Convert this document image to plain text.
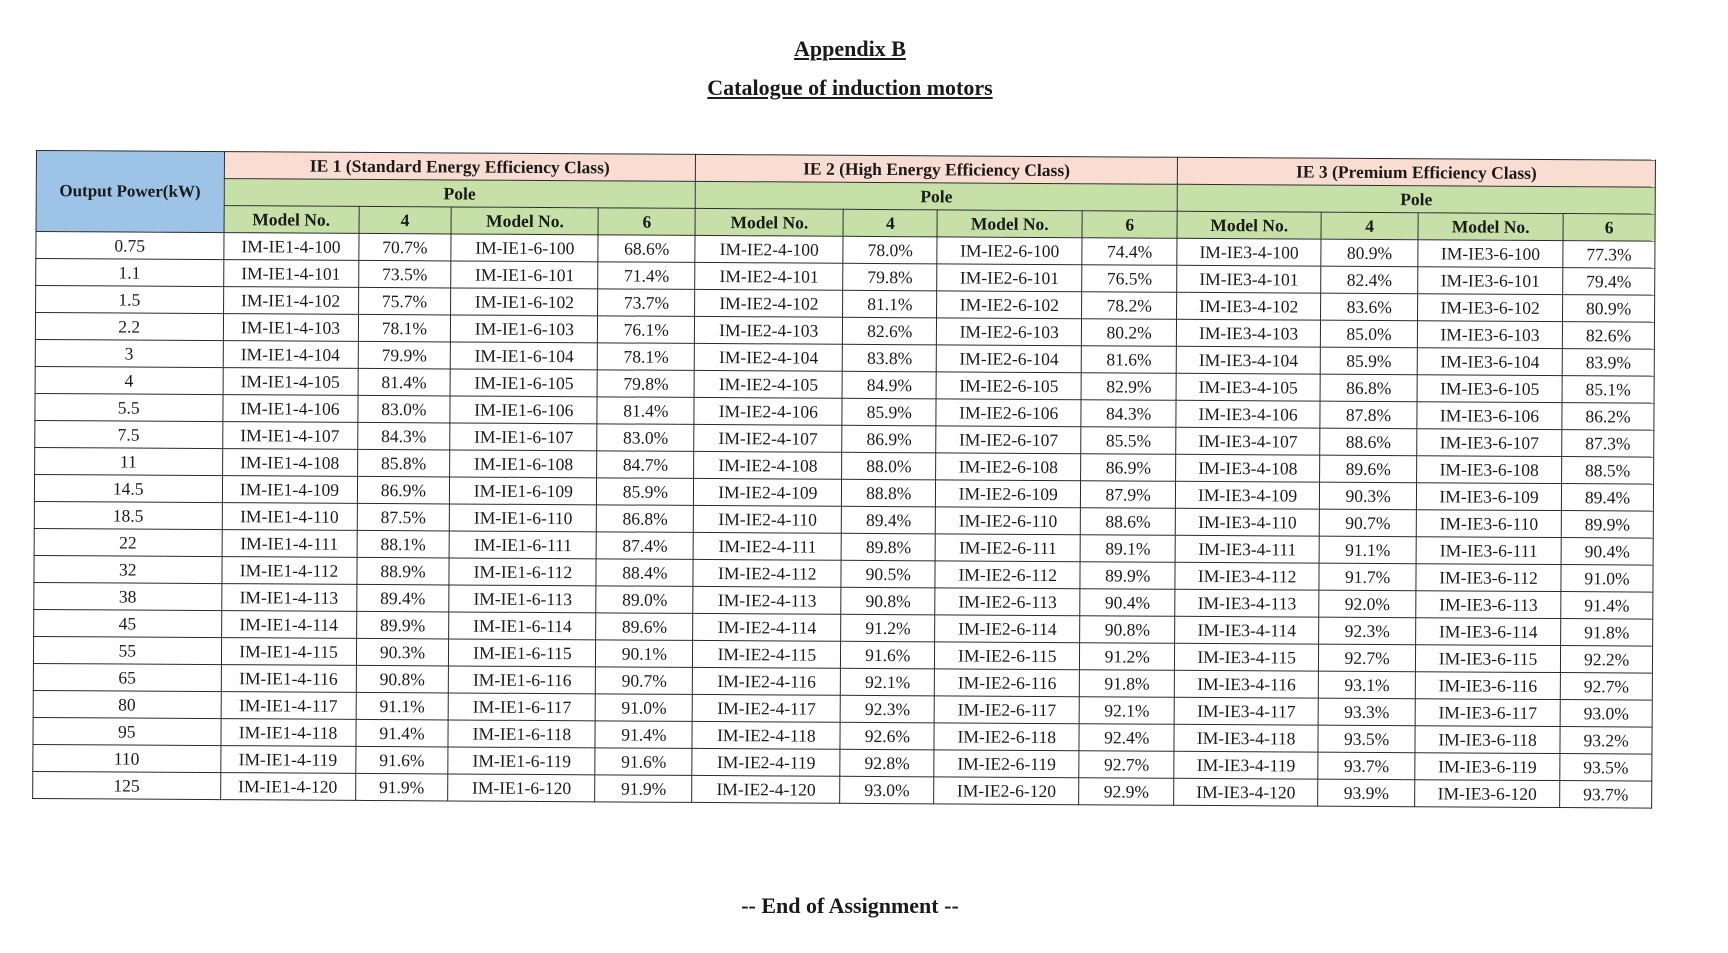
Appendix B
Catalogue of induction motors
Output Power(kW)	IE 1 (Standard Energy Efficiency Class)				IE 2 (High Energy Efficiency Class)				IE 3 (Premium Efficiency Class)			
	Pole				Pole				Pole			
	Model No.	4	Model No.	6	Model No.	4	Model No.	6	Model No.	4	Model No.	6
0.75	IM-IE1-4-100	70.7%	IM-IE1-6-100	68.6%	IM-IE2-4-100	78.0%	IM-IE2-6-100	74.4%	IM-IE3-4-100	80.9%	IM-IE3-6-100	77.3%
1.1	IM-IE1-4-101	73.5%	IM-IE1-6-101	71.4%	IM-IE2-4-101	79.8%	IM-IE2-6-101	76.5%	IM-IE3-4-101	82.4%	IM-IE3-6-101	79.4%
1.5	IM-IE1-4-102	75.7%	IM-IE1-6-102	73.7%	IM-IE2-4-102	81.1%	IM-IE2-6-102	78.2%	IM-IE3-4-102	83.6%	IM-IE3-6-102	80.9%
2.2	IM-IE1-4-103	78.1%	IM-IE1-6-103	76.1%	IM-IE2-4-103	82.6%	IM-IE2-6-103	80.2%	IM-IE3-4-103	85.0%	IM-IE3-6-103	82.6%
3	IM-IE1-4-104	79.9%	IM-IE1-6-104	78.1%	IM-IE2-4-104	83.8%	IM-IE2-6-104	81.6%	IM-IE3-4-104	85.9%	IM-IE3-6-104	83.9%
4	IM-IE1-4-105	81.4%	IM-IE1-6-105	79.8%	IM-IE2-4-105	84.9%	IM-IE2-6-105	82.9%	IM-IE3-4-105	86.8%	IM-IE3-6-105	85.1%
5.5	IM-IE1-4-106	83.0%	IM-IE1-6-106	81.4%	IM-IE2-4-106	85.9%	IM-IE2-6-106	84.3%	IM-IE3-4-106	87.8%	IM-IE3-6-106	86.2%
7.5	IM-IE1-4-107	84.3%	IM-IE1-6-107	83.0%	IM-IE2-4-107	86.9%	IM-IE2-6-107	85.5%	IM-IE3-4-107	88.6%	IM-IE3-6-107	87.3%
11	IM-IE1-4-108	85.8%	IM-IE1-6-108	84.7%	IM-IE2-4-108	88.0%	IM-IE2-6-108	86.9%	IM-IE3-4-108	89.6%	IM-IE3-6-108	88.5%
14.5	IM-IE1-4-109	86.9%	IM-IE1-6-109	85.9%	IM-IE2-4-109	88.8%	IM-IE2-6-109	87.9%	IM-IE3-4-109	90.3%	IM-IE3-6-109	89.4%
18.5	IM-IE1-4-110	87.5%	IM-IE1-6-110	86.8%	IM-IE2-4-110	89.4%	IM-IE2-6-110	88.6%	IM-IE3-4-110	90.7%	IM-IE3-6-110	89.9%
22	IM-IE1-4-111	88.1%	IM-IE1-6-111	87.4%	IM-IE2-4-111	89.8%	IM-IE2-6-111	89.1%	IM-IE3-4-111	91.1%	IM-IE3-6-111	90.4%
32	IM-IE1-4-112	88.9%	IM-IE1-6-112	88.4%	IM-IE2-4-112	90.5%	IM-IE2-6-112	89.9%	IM-IE3-4-112	91.7%	IM-IE3-6-112	91.0%
38	IM-IE1-4-113	89.4%	IM-IE1-6-113	89.0%	IM-IE2-4-113	90.8%	IM-IE2-6-113	90.4%	IM-IE3-4-113	92.0%	IM-IE3-6-113	91.4%
45	IM-IE1-4-114	89.9%	IM-IE1-6-114	89.6%	IM-IE2-4-114	91.2%	IM-IE2-6-114	90.8%	IM-IE3-4-114	92.3%	IM-IE3-6-114	91.8%
55	IM-IE1-4-115	90.3%	IM-IE1-6-115	90.1%	IM-IE2-4-115	91.6%	IM-IE2-6-115	91.2%	IM-IE3-4-115	92.7%	IM-IE3-6-115	92.2%
65	IM-IE1-4-116	90.8%	IM-IE1-6-116	90.7%	IM-IE2-4-116	92.1%	IM-IE2-6-116	91.8%	IM-IE3-4-116	93.1%	IM-IE3-6-116	92.7%
80	IM-IE1-4-117	91.1%	IM-IE1-6-117	91.0%	IM-IE2-4-117	92.3%	IM-IE2-6-117	92.1%	IM-IE3-4-117	93.3%	IM-IE3-6-117	93.0%
95	IM-IE1-4-118	91.4%	IM-IE1-6-118	91.4%	IM-IE2-4-118	92.6%	IM-IE2-6-118	92.4%	IM-IE3-4-118	93.5%	IM-IE3-6-118	93.2%
110	IM-IE1-4-119	91.6%	IM-IE1-6-119	91.6%	IM-IE2-4-119	92.8%	IM-IE2-6-119	92.7%	IM-IE3-4-119	93.7%	IM-IE3-6-119	93.5%
125	IM-IE1-4-120	91.9%	IM-IE1-6-120	91.9%	IM-IE2-4-120	93.0%	IM-IE2-6-120	92.9%	IM-IE3-4-120	93.9%	IM-IE3-6-120	93.7%
-- End of Assignment --
